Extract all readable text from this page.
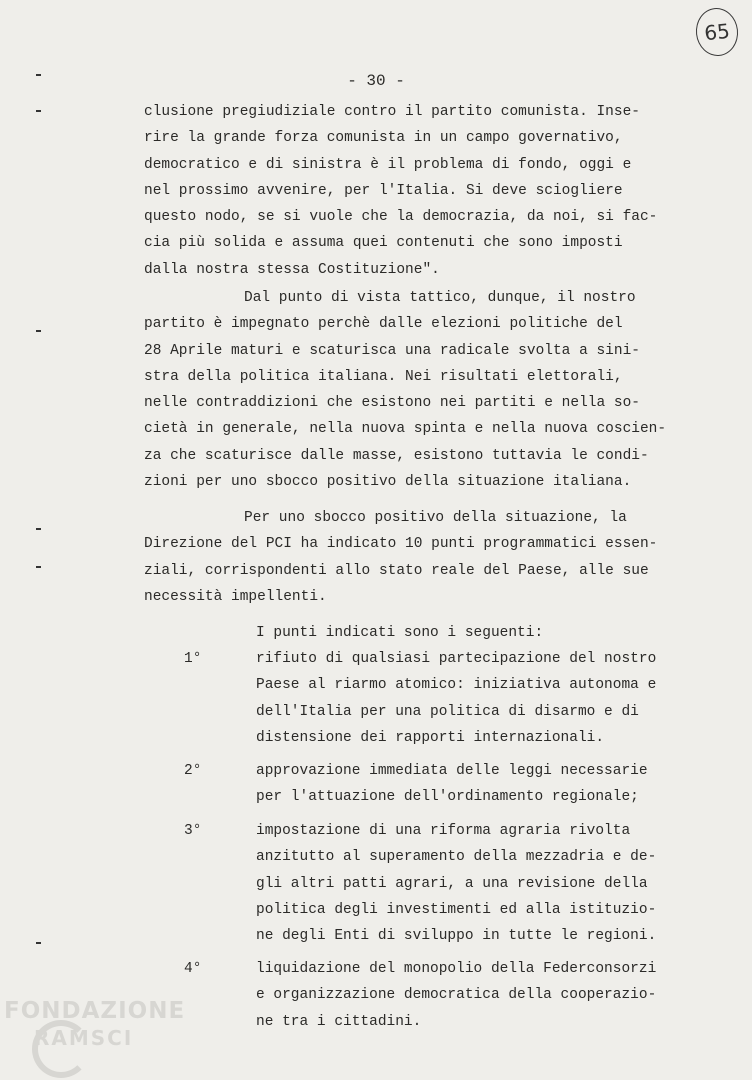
65
- 30 -
clusione pregiudiziale contro il partito comunista. Inse-
rire la grande forza comunista in un campo governativo,
democratico e di sinistra è il problema di fondo, oggi e
nel prossimo avvenire, per l'Italia. Si deve sciogliere
questo nodo, se si vuole che la democrazia, da noi, si fac-
cia più solida e assuma quei contenuti che sono imposti
dalla nostra stessa Costituzione".
Dal punto di vista tattico, dunque, il nostro
partito è impegnato perchè dalle elezioni politiche del
28 Aprile maturi e scaturisca una radicale svolta a sini-
stra della politica italiana. Nei risultati elettorali,
nelle contraddizioni che esistono nei partiti e nella so-
cietà in generale, nella nuova spinta e nella nuova coscien-
za che scaturisce dalle masse, esistono tuttavia le condi-
zioni per uno sbocco positivo della situazione italiana.
Per uno sbocco positivo della situazione, la
Direzione del PCI ha indicato 10 punti programmatici essen-
ziali, corrispondenti allo stato reale del Paese, alle sue
necessità impellenti.
I punti indicati sono i seguenti:
1°	rifiuto di qualsiasi partecipazione del nostro
Paese al riarmo atomico: iniziativa autonoma e
dell'Italia per una politica di disarmo e di
distensione dei rapporti internazionali.
2°	approvazione immediata delle leggi necessarie
per l'attuazione dell'ordinamento regionale;
3°	impostazione di una riforma agraria rivolta
anzitutto al superamento della mezzadria e de-
gli altri patti agrari, a una revisione della
politica degli investimenti ed alla istituzio-
ne degli Enti di sviluppo in tutte le regioni.
4°	liquidazione del monopolio della Federconsorzi
e organizzazione democratica della cooperazio-
ne tra i cittadini.
FONDAZIONE
RAMSCI
